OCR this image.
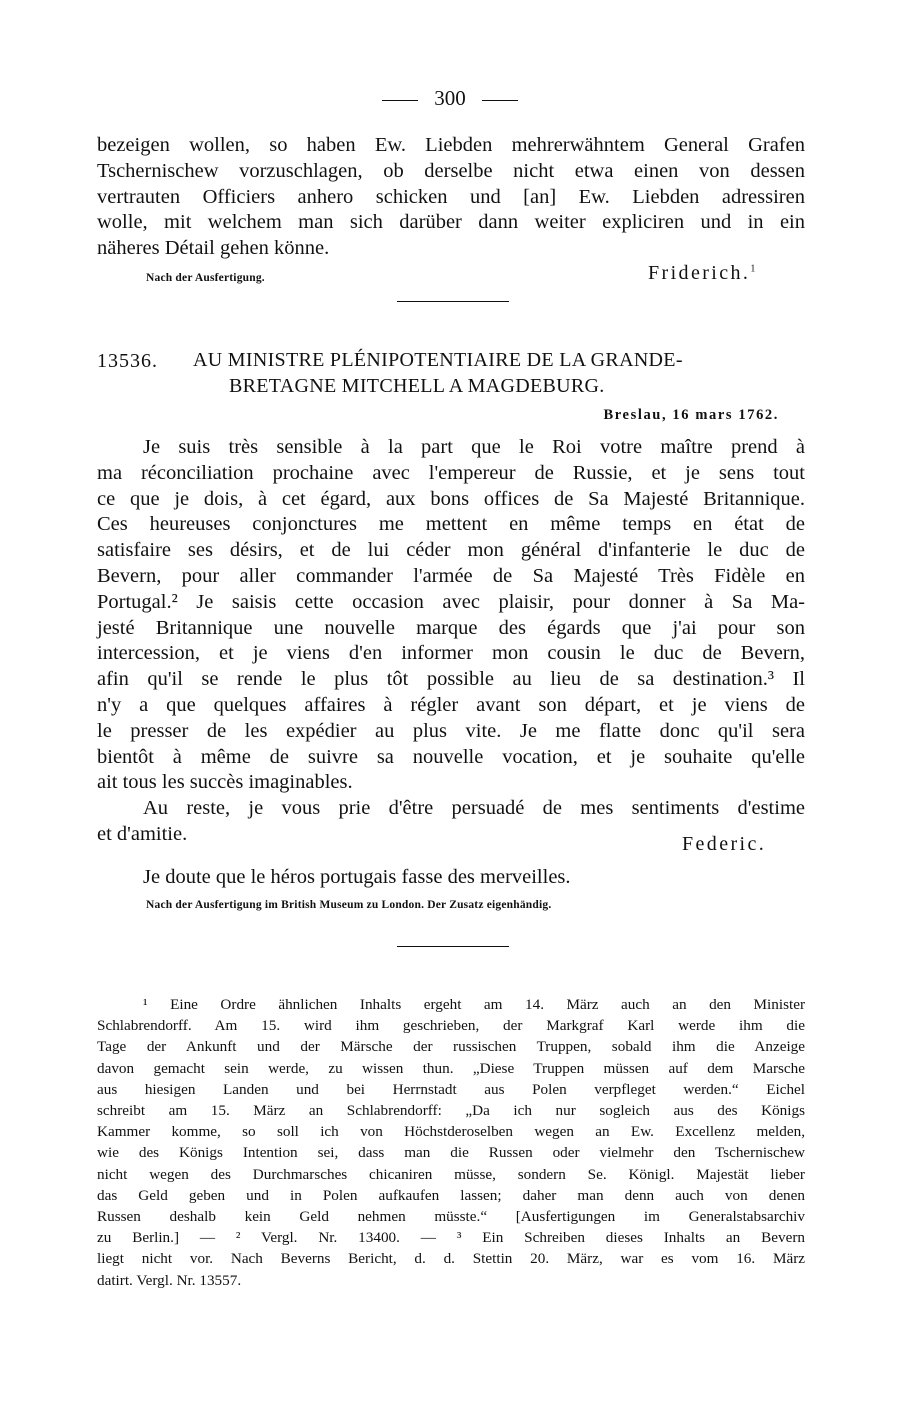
300
bezeigen wollen, so haben Ew. Liebden mehrerwähntem General Grafen
Tschernischew vorzuschlagen, ob derselbe nicht etwa einen von dessen
vertrauten Officiers anhero schicken und [an] Ew. Liebden adressiren
wolle, mit welchem man sich darüber dann weiter expliciren und in ein
näheres Détail gehen könne.
Nach der Ausfertigung.	Friderich.$^1$
13536. AU MINISTRE PLÉNIPOTENTIAIRE DE LA GRANDE-
BRETAGNE MITCHELL A MAGDEBURG.
Breslau, 16 mars 1762.
Je suis très sensible à la part que le Roi votre maître prend à
ma réconciliation prochaine avec l'empereur de Russie, et je sens tout
ce que je dois, à cet égard, aux bons offices de Sa Majesté Britannique.
Ces heureuses conjonctures me mettent en même temps en état de
satisfaire ses désirs, et de lui céder mon général d'infanterie le duc de
Bevern, pour aller commander l'armée de Sa Majesté Très Fidèle en
Portugal.² Je saisis cette occasion avec plaisir, pour donner à Sa Ma-
jesté Britannique une nouvelle marque des égards que j'ai pour son
intercession, et je viens d'en informer mon cousin le duc de Bevern,
afin qu'il se rende le plus tôt possible au lieu de sa destination.³ Il
n'y a que quelques affaires à régler avant son départ, et je viens de
le presser de les expédier au plus vite. Je me flatte donc qu'il sera
bientôt à même de suivre sa nouvelle vocation, et je souhaite qu'elle
ait tous les succès imaginables.
Au reste, je vous prie d'être persuadé de mes sentiments d'estime
et d'amitie.	Federic.
Je doute que le héros portugais fasse des merveilles.
Nach der Ausfertigung im British Museum zu London. Der Zusatz eigenhändig.
¹ Eine Ordre ähnlichen Inhalts ergeht am 14. März auch an den Minister
Schlabrendorff. Am 15. wird ihm geschrieben, der Markgraf Karl werde ihm die
Tage der Ankunft und der Märsche der russischen Truppen, sobald ihm die Anzeige
davon gemacht sein werde, zu wissen thun. „Diese Truppen müssen auf dem Marsche
aus hiesigen Landen und bei Herrnstadt aus Polen verpfleget werden.“ Eichel
schreibt am 15. März an Schlabrendorff: „Da ich nur sogleich aus des Königs
Kammer komme, so soll ich von Höchstderoselben wegen an Ew. Excellenz melden,
wie des Königs Intention sei, dass man die Russen oder vielmehr den Tschernischew
nicht wegen des Durchmarsches chicaniren müsse, sondern Se. Königl. Majestät lieber
das Geld geben und in Polen aufkaufen lassen; daher man denn auch von denen
Russen deshalb kein Geld nehmen müsste.“ [Ausfertigungen im Generalstabsarchiv
zu Berlin.] — ² Vergl. Nr. 13400. — ³ Ein Schreiben dieses Inhalts an Bevern
liegt nicht vor. Nach Beverns Bericht, d. d. Stettin 20. März, war es vom 16. März
datirt. Vergl. Nr. 13557.
